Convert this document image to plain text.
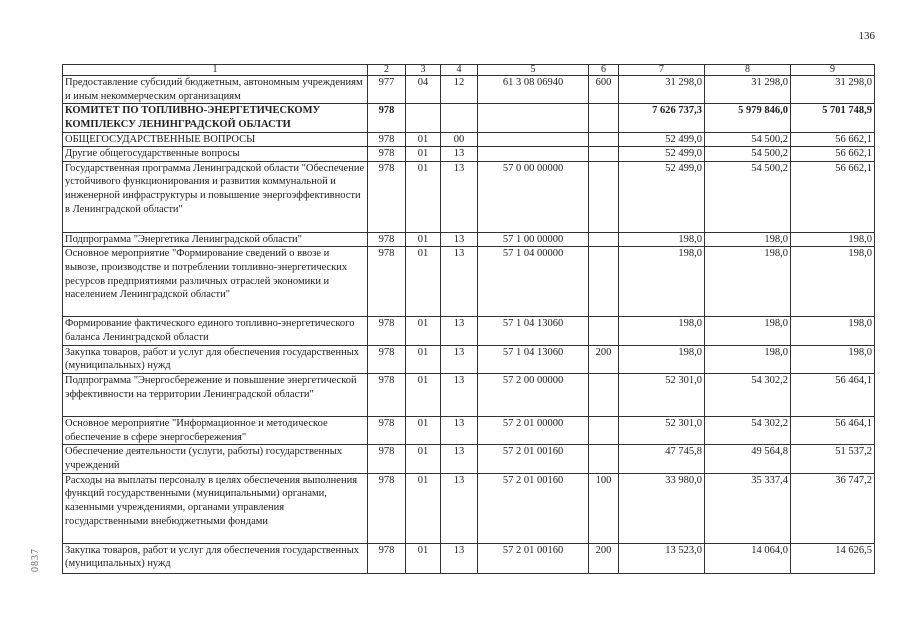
136
0837
1	2	3	4	5	6	7	8	9
Предоставление субсидий бюджетным, автономным учреждениям и иным некоммерческим организациям	977	04	12	61 3 08 06940	600	31 298,0	31 298,0	31 298,0
КОМИТЕТ ПО ТОПЛИВНО-ЭНЕРГЕТИЧЕСКОМУ КОМПЛЕКСУ ЛЕНИНГРАДСКОЙ ОБЛАСТИ	978					7 626 737,3	5 979 846,0	5 701 748,9
ОБЩЕГОСУДАРСТВЕННЫЕ ВОПРОСЫ	978	01	00			52 499,0	54 500,2	56 662,1
Другие общегосударственные вопросы	978	01	13			52 499,0	54 500,2	56 662,1
Государственная программа Ленинградской области "Обеспечение устойчивого функционирования и развития коммунальной и инженерной инфраструктуры и повышение энергоэффективности в Ленинградской области"	978	01	13	57 0 00 00000		52 499,0	54 500,2	56 662,1
Подпрограмма "Энергетика Ленинградской области"	978	01	13	57 1 00 00000		198,0	198,0	198,0
Основное мероприятие "Формирование сведений о ввозе и вывозе, производстве и потреблении топливно-энергетических ресурсов предприятиями различных отраслей экономики и населением Ленинградской области"	978	01	13	57 1 04 00000		198,0	198,0	198,0
Формирование фактического единого топливно-энергетического баланса Ленинградской области	978	01	13	57 1 04 13060		198,0	198,0	198,0
Закупка товаров, работ и услуг для обеспечения государственных (муниципальных) нужд	978	01	13	57 1 04 13060	200	198,0	198,0	198,0
Подпрограмма "Энергосбережение и повышение энергетической эффективности на территории Ленинградской области"	978	01	13	57 2 00 00000		52 301,0	54 302,2	56 464,1
Основное мероприятие "Информационное и методическое обеспечение в сфере энергосбережения"	978	01	13	57 2 01 00000		52 301,0	54 302,2	56 464,1
Обеспечение деятельности (услуги, работы) государственных учреждений	978	01	13	57 2 01 00160		47 745,8	49 564,8	51 537,2
Расходы на выплаты персоналу в целях обеспечения выполнения функций государственными (муниципальными) органами, казенными учреждениями, органами управления государственными внебюджетными фондами	978	01	13	57 2 01 00160	100	33 980,0	35 337,4	36 747,2
Закупка товаров, работ и услуг для обеспечения государственных (муниципальных) нужд	978	01	13	57 2 01 00160	200	13 523,0	14 064,0	14 626,5
